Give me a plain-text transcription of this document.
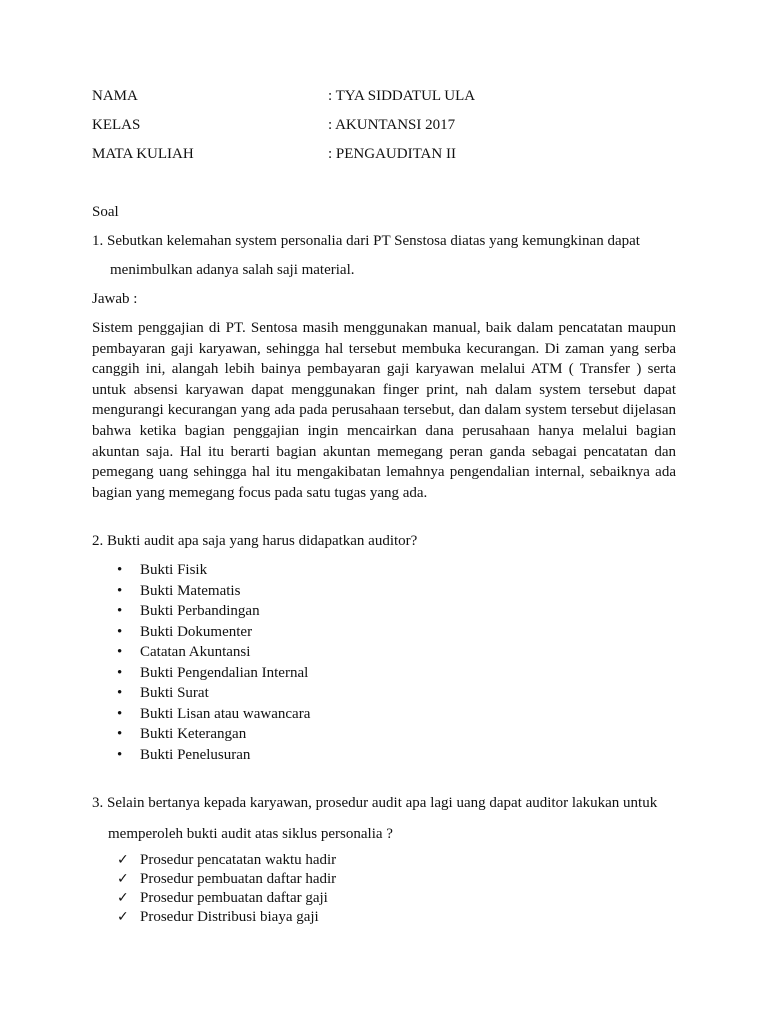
NAMA	: TYA SIDDATUL ULA
KELAS	: AKUNTANSI 2017
MATA KULIAH	: PENGAUDITAN II
Soal
1. Sebutkan kelemahan system personalia dari PT Senstosa diatas yang kemungkinan dapat
menimbulkan adanya salah saji material.
Jawab :
Sistem penggajian di PT. Sentosa masih menggunakan manual, baik dalam pencatatan maupun pembayaran gaji karyawan, sehingga hal tersebut membuka kecurangan. Di zaman yang serba canggih ini, alangah lebih bainya pembayaran gaji karyawan melalui ATM ( Transfer ) serta untuk absensi karyawan dapat menggunakan finger print, nah dalam system tersebut dapat mengurangi kecurangan yang ada pada perusahaan tersebut, dan dalam system tersebut dijelasan bahwa ketika bagian penggajian ingin mencairkan dana perusahaan hanya melalui bagian akuntan saja. Hal itu berarti bagian akuntan memegang peran ganda sebagai pencatatan dan pemegang uang sehingga hal itu mengakibatan lemahnya pengendalian internal, sebaiknya ada bagian yang memegang focus pada satu tugas yang ada.
2. Bukti audit apa saja yang harus didapatkan auditor?
• Bukti Fisik
• Bukti Matematis
• Bukti Perbandingan
• Bukti Dokumenter
• Catatan Akuntansi
• Bukti Pengendalian Internal
• Bukti Surat
• Bukti Lisan atau wawancara
• Bukti Keterangan
• Bukti Penelusuran
3. Selain bertanya kepada karyawan, prosedur audit apa lagi uang dapat auditor lakukan untuk
memperoleh bukti audit atas siklus personalia ?
✓ Prosedur pencatatan waktu hadir
✓ Prosedur pembuatan daftar hadir
✓ Prosedur pembuatan daftar gaji
✓ Prosedur Distribusi biaya gaji
